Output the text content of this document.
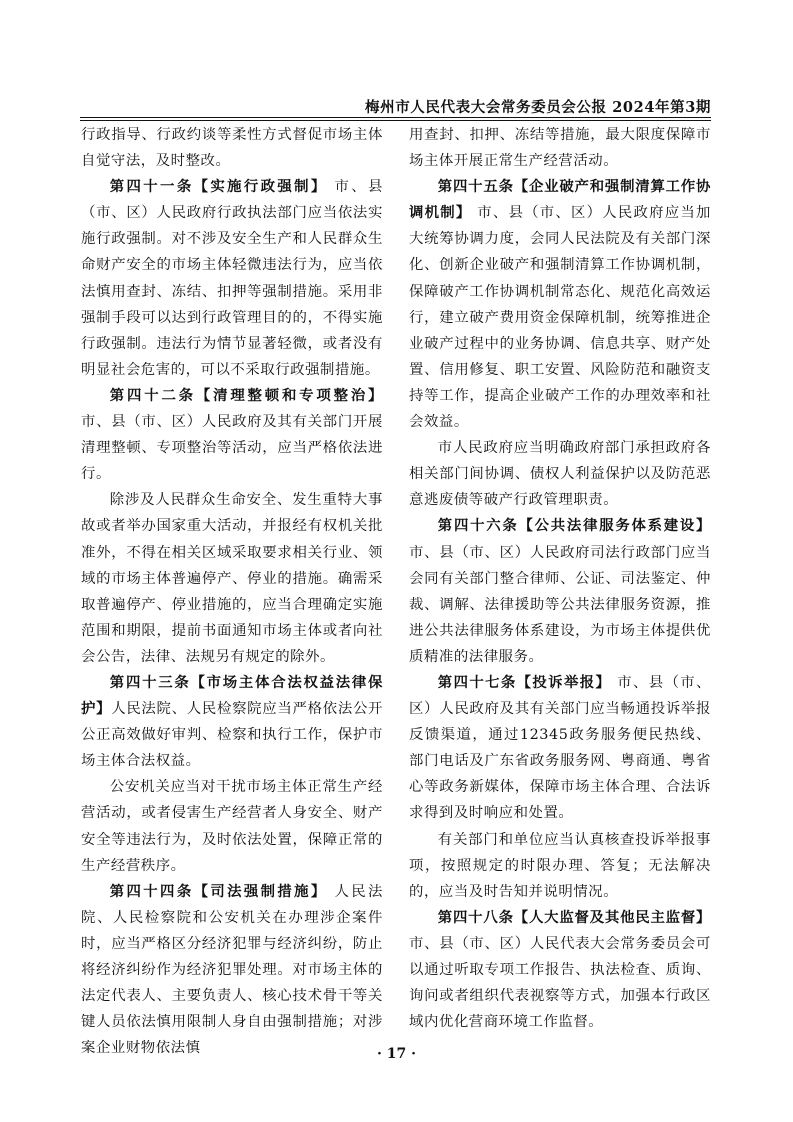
梅州市人民代表大会常务委员会公报 2024年第3期

行政指导、行政约谈等柔性方式督促市场主体自觉守法，及时整改。

第四十一条【实施行政强制】 市、县（市、区）人民政府行政执法部门应当依法实施行政强制。对不涉及安全生产和人民群众生命财产安全的市场主体轻微违法行为，应当依法慎用查封、冻结、扣押等强制措施。采用非强制手段可以达到行政管理目的的，不得实施行政强制。违法行为情节显著轻微，或者没有明显社会危害的，可以不采取行政强制措施。

第四十二条【清理整顿和专项整治】 市、县（市、区）人民政府及其有关部门开展清理整顿、专项整治等活动，应当严格依法进行。

除涉及人民群众生命安全、发生重特大事故或者举办国家重大活动，并报经有权机关批准外，不得在相关区域采取要求相关行业、领域的市场主体普遍停产、停业的措施。确需采取普遍停产、停业措施的，应当合理确定实施范围和期限，提前书面通知市场主体或者向社会公告，法律、法规另有规定的除外。

第四十三条【市场主体合法权益法律保护】人民法院、人民检察院应当严格依法公开公正高效做好审判、检察和执行工作，保护市场主体合法权益。

公安机关应当对干扰市场主体正常生产经营活动，或者侵害生产经营者人身安全、财产安全等违法行为，及时依法处置，保障正常的生产经营秩序。

第四十四条【司法强制措施】 人民法院、人民检察院和公安机关在办理涉企案件时，应当严格区分经济犯罪与经济纠纷，防止将经济纠纷作为经济犯罪处理。对市场主体的法定代表人、主要负责人、核心技术骨干等关键人员依法慎用限制人身自由强制措施；对涉案企业财物依法慎

用查封、扣押、冻结等措施，最大限度保障市场主体开展正常生产经营活动。

第四十五条【企业破产和强制清算工作协调机制】 市、县（市、区）人民政府应当加大统筹协调力度，会同人民法院及有关部门深化、创新企业破产和强制清算工作协调机制，保障破产工作协调机制常态化、规范化高效运行，建立破产费用资金保障机制，统筹推进企业破产过程中的业务协调、信息共享、财产处置、信用修复、职工安置、风险防范和融资支持等工作，提高企业破产工作的办理效率和社会效益。

市人民政府应当明确政府部门承担政府各相关部门间协调、债权人利益保护以及防范恶意逃废债等破产行政管理职责。

第四十六条【公共法律服务体系建设】 市、县（市、区）人民政府司法行政部门应当会同有关部门整合律师、公证、司法鉴定、仲裁、调解、法律援助等公共法律服务资源，推进公共法律服务体系建设，为市场主体提供优质精准的法律服务。

第四十七条【投诉举报】 市、县（市、区）人民政府及其有关部门应当畅通投诉举报反馈渠道，通过12345政务服务便民热线、部门电话及广东省政务服务网、粤商通、粤省心等政务新媒体，保障市场主体合理、合法诉求得到及时响应和处置。

有关部门和单位应当认真核查投诉举报事项，按照规定的时限办理、答复；无法解决的，应当及时告知并说明情况。

第四十八条【人大监督及其他民主监督】市、县（市、区）人民代表大会常务委员会可以通过听取专项工作报告、执法检查、质询、询问或者组织代表视察等方式，加强本行政区域内优化营商环境工作监督。

· 17 ·
